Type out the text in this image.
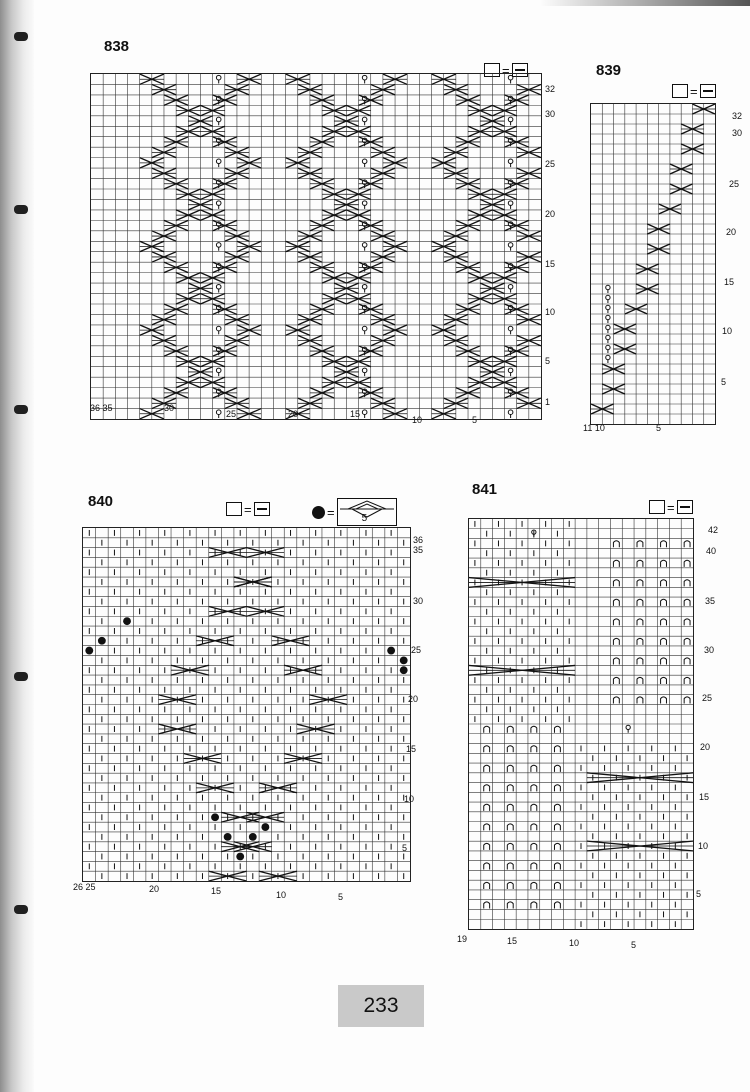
838
=
32
30
25
20
15
10
5
1
36 35	30
25	20	15
10	5
839
=
32
30
25
20
15
10
5
11 10	5
840	=	=	5
36
35
30
25
20
15
10
5
26 25	20	15	10	5
841
=
42
40
35
30
25
20
15
10
5
19	15	10	5
233
